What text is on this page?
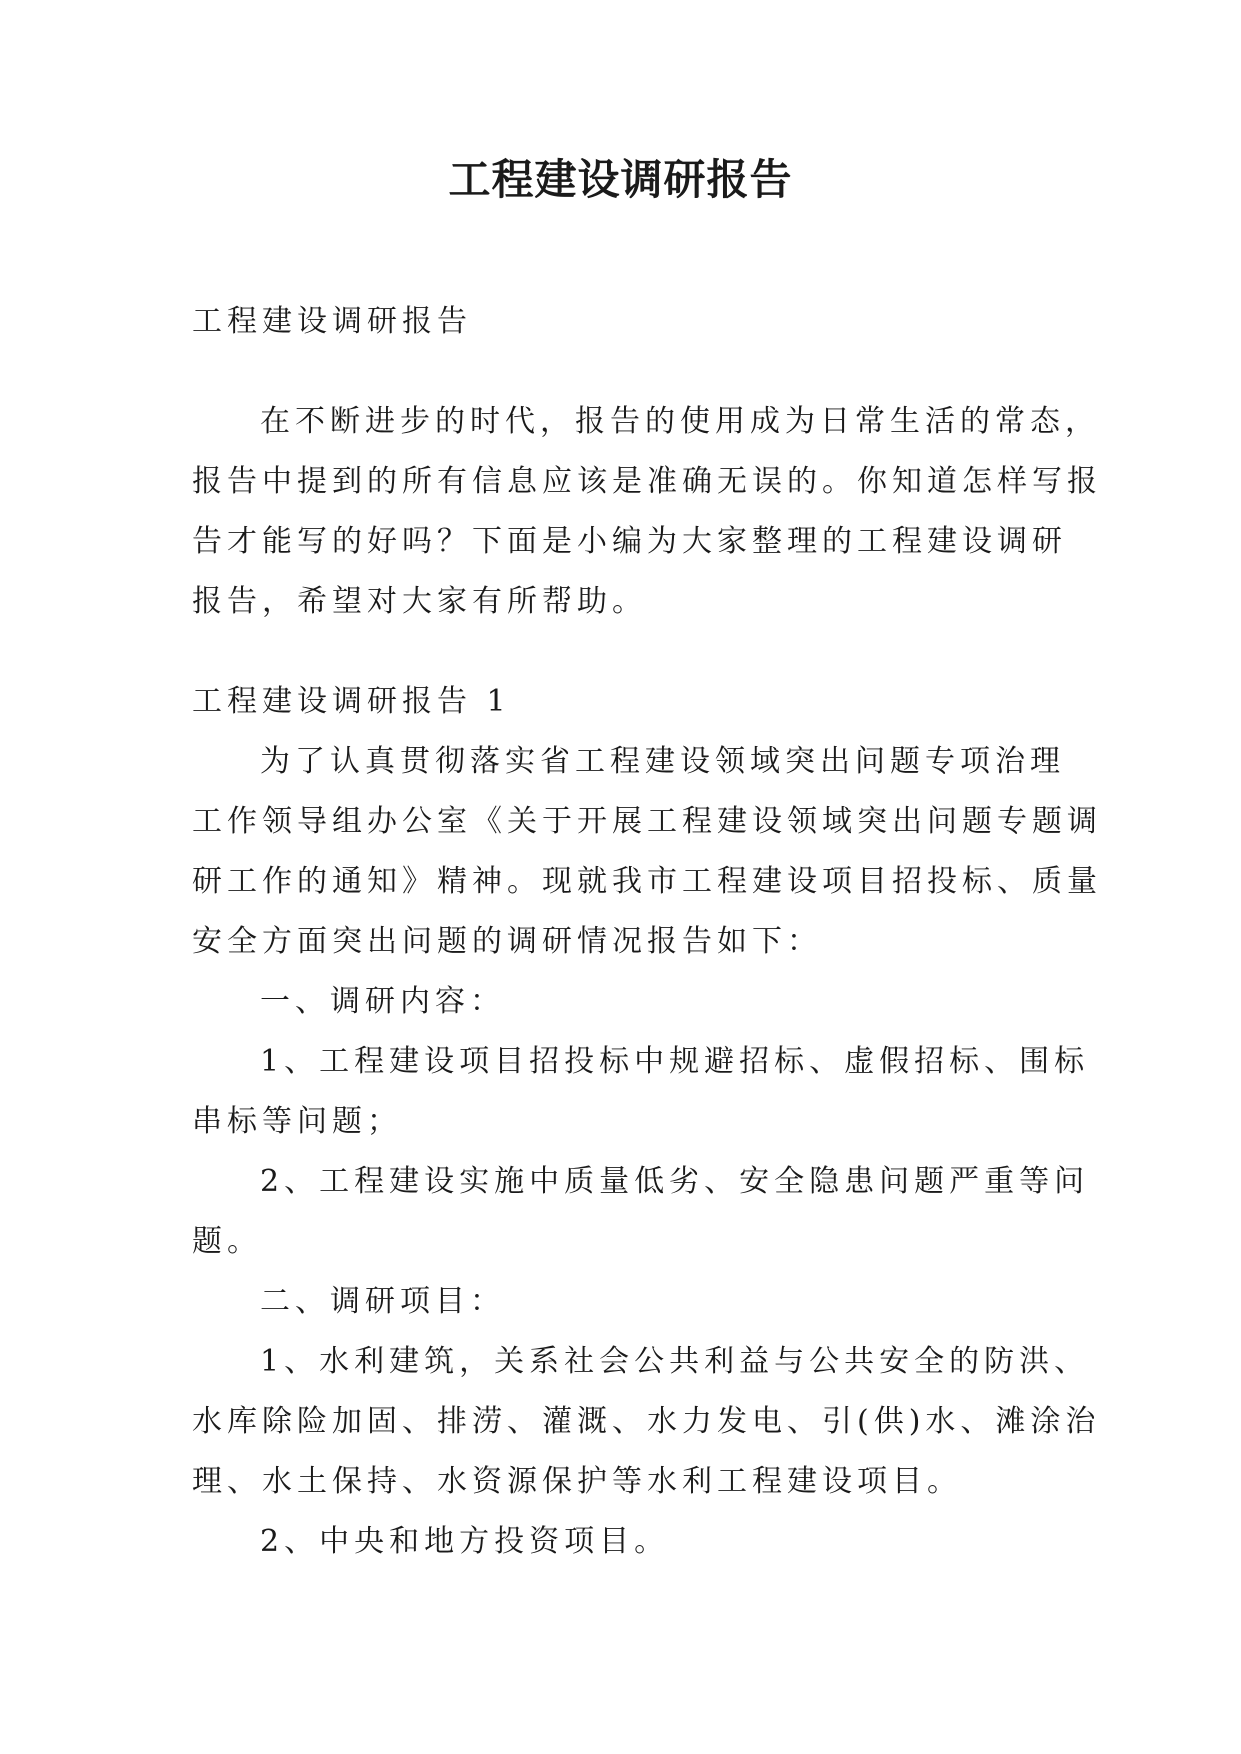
工程建设调研报告

工程建设调研报告

在不断进步的时代，报告的使用成为日常生活的常态，

报告中提到的所有信息应该是准确无误的。你知道怎样写报

告才能写的好吗？下面是小编为大家整理的工程建设调研

报告，希望对大家有所帮助。

工程建设调研报告 1

为了认真贯彻落实省工程建设领域突出问题专项治理

工作领导组办公室《关于开展工程建设领域突出问题专题调

研工作的通知》精神。现就我市工程建设项目招投标、质量

安全方面突出问题的调研情况报告如下：

一、调研内容：

1、工程建设项目招投标中规避招标、虚假招标、围标

串标等问题；

2、工程建设实施中质量低劣、安全隐患问题严重等问

题。

二、调研项目：

1、水利建筑，关系社会公共利益与公共安全的防洪、

水库除险加固、排涝、灌溉、水力发电、引(供)水、滩涂治

理、水土保持、水资源保护等水利工程建设项目。

2、中央和地方投资项目。
